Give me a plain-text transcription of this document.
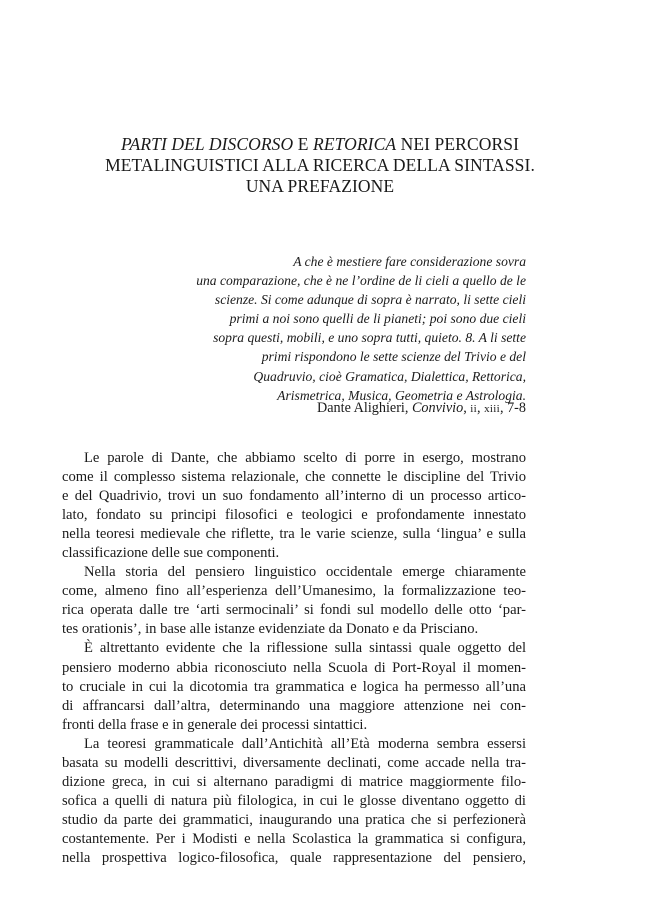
PARTI DEL DISCORSO E RETORICA NEI PERCORSI
METALINGUISTICI ALLA RICERCA DELLA SINTASSI.
UNA PREFAZIONE
A che è mestiere fare considerazione sovra
una comparazione, che è ne l’ordine de li cieli a quello de le
scienze. Si come adunque di sopra è narrato, li sette cieli
primi a noi sono quelli de li pianeti; poi sono due cieli
sopra questi, mobili, e uno sopra tutti, quieto. 8. A li sette
primi rispondono le sette scienze del Trivio e del
Quadruvio, cioè Gramatica, Dialettica, Rettorica,
Arismetrica, Musica, Geometria e Astrologia.
Dante Alighieri, Convivio, ii, xiii, 7-8
Le parole di Dante, che abbiamo scelto di porre in esergo, mostrano
come il complesso sistema relazionale, che connette le discipline del Trivio
e del Quadrivio, trovi un suo fondamento all’interno di un processo artico-
lato, fondato su principi filosofici e teologici e profondamente innestato
nella teoresi medievale che riflette, tra le varie scienze, sulla ‘lingua’ e sulla
classificazione delle sue componenti.
Nella storia del pensiero linguistico occidentale emerge chiaramente
come, almeno fino all’esperienza dell’Umanesimo, la formalizzazione teo-
rica operata dalle tre ‘arti sermocinali’ si fondi sul modello delle otto ‘par-
tes orationis’, in base alle istanze evidenziate da Donato e da Prisciano.
È altrettanto evidente che la riflessione sulla sintassi quale oggetto del
pensiero moderno abbia riconosciuto nella Scuola di Port-Royal il momen-
to cruciale in cui la dicotomia tra grammatica e logica ha permesso all’una
di affrancarsi dall’altra, determinando una maggiore attenzione nei con-
fronti della frase e in generale dei processi sintattici.
La teoresi grammaticale dall’Antichità all’Età moderna sembra essersi
basata su modelli descrittivi, diversamente declinati, come accade nella tra-
dizione greca, in cui si alternano paradigmi di matrice maggiormente filo-
sofica a quelli di natura più filologica, in cui le glosse diventano oggetto di
studio da parte dei grammatici, inaugurando una pratica che si perfezionerà
costantemente. Per i Modisti e nella Scolastica la grammatica si configura,
nella prospettiva logico-filosofica, quale rappresentazione del pensiero,
